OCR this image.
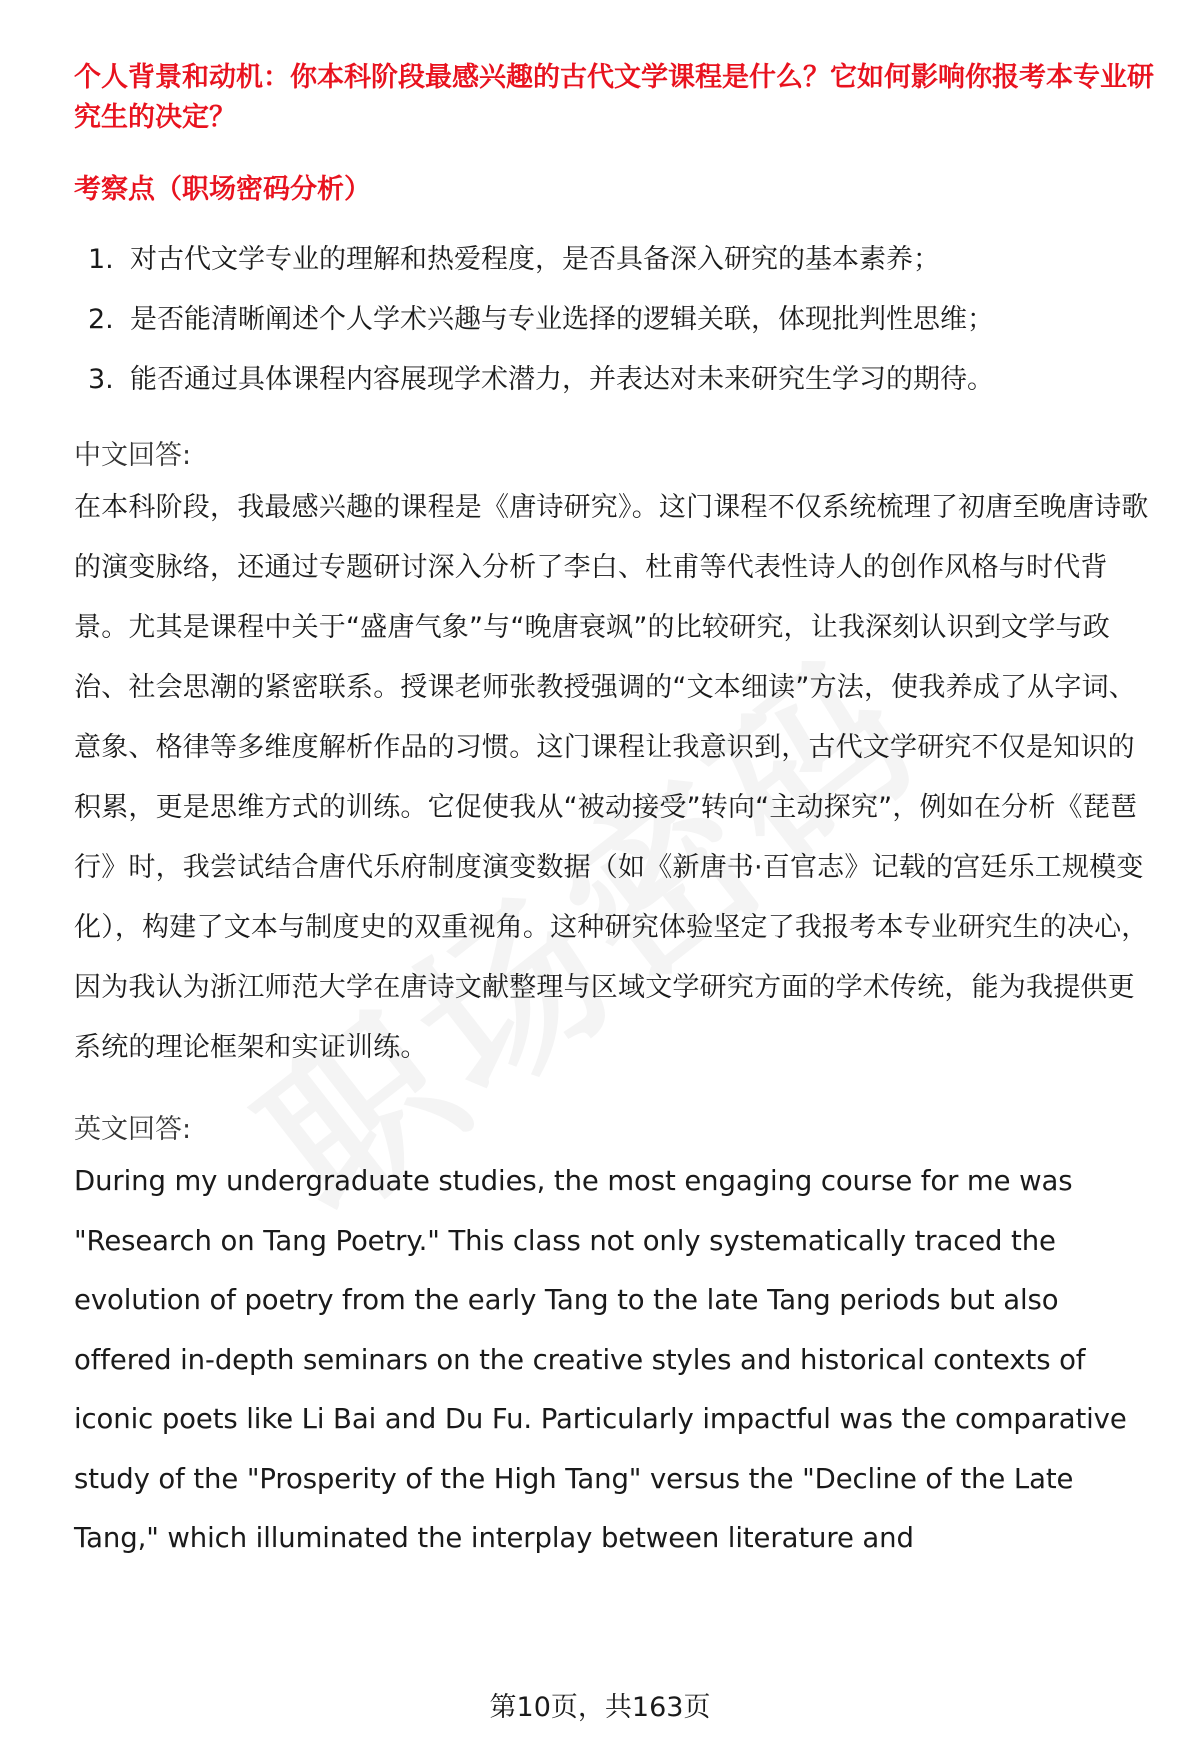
个人背景和动机：你本科阶段最感兴趣的古代文学课程是什么？它如何影响你报考本专业研究生的决定？

考察点（职场密码分析）

1. 对古代文学专业的理解和热爱程度，是否具备深入研究的基本素养；
2. 是否能清晰阐述个人学术兴趣与专业选择的逻辑关联，体现批判性思维；
3. 能否通过具体课程内容展现学术潜力，并表达对未来研究生学习的期待。

中文回答:

在本科阶段，我最感兴趣的课程是《唐诗研究》。这门课程不仅系统梳理了初唐至晚唐诗歌的演变脉络，还通过专题研讨深入分析了李白、杜甫等代表性诗人的创作风格与时代背景。尤其是课程中关于“盛唐气象”与“晚唐衰飒”的比较研究，让我深刻认识到文学与政治、社会思潮的紧密联系。授课老师张教授强调的“文本细读”方法，使我养成了从字词、意象、格律等多维度解析作品的习惯。这门课程让我意识到，古代文学研究不仅是知识的积累，更是思维方式的训练。它促使我从“被动接受”转向“主动探究”，例如在分析《琵琶行》时，我尝试结合唐代乐府制度演变数据（如《新唐书·百官志》记载的宫廷乐工规模变化），构建了文本与制度史的双重视角。这种研究体验坚定了我报考本专业研究生的决心，因为我认为浙江师范大学在唐诗文献整理与区域文学研究方面的学术传统，能为我提供更系统的理论框架和实证训练。

英文回答:

During my undergraduate studies, the most engaging course for me was "Research on Tang Poetry." This class not only systematically traced the evolution of poetry from the early Tang to the late Tang periods but also offered in-depth seminars on the creative styles and historical contexts of iconic poets like Li Bai and Du Fu. Particularly impactful was the comparative study of the "Prosperity of the High Tang" versus the "Decline of the Late Tang," which illuminated the interplay between literature and

第10页，共163页
